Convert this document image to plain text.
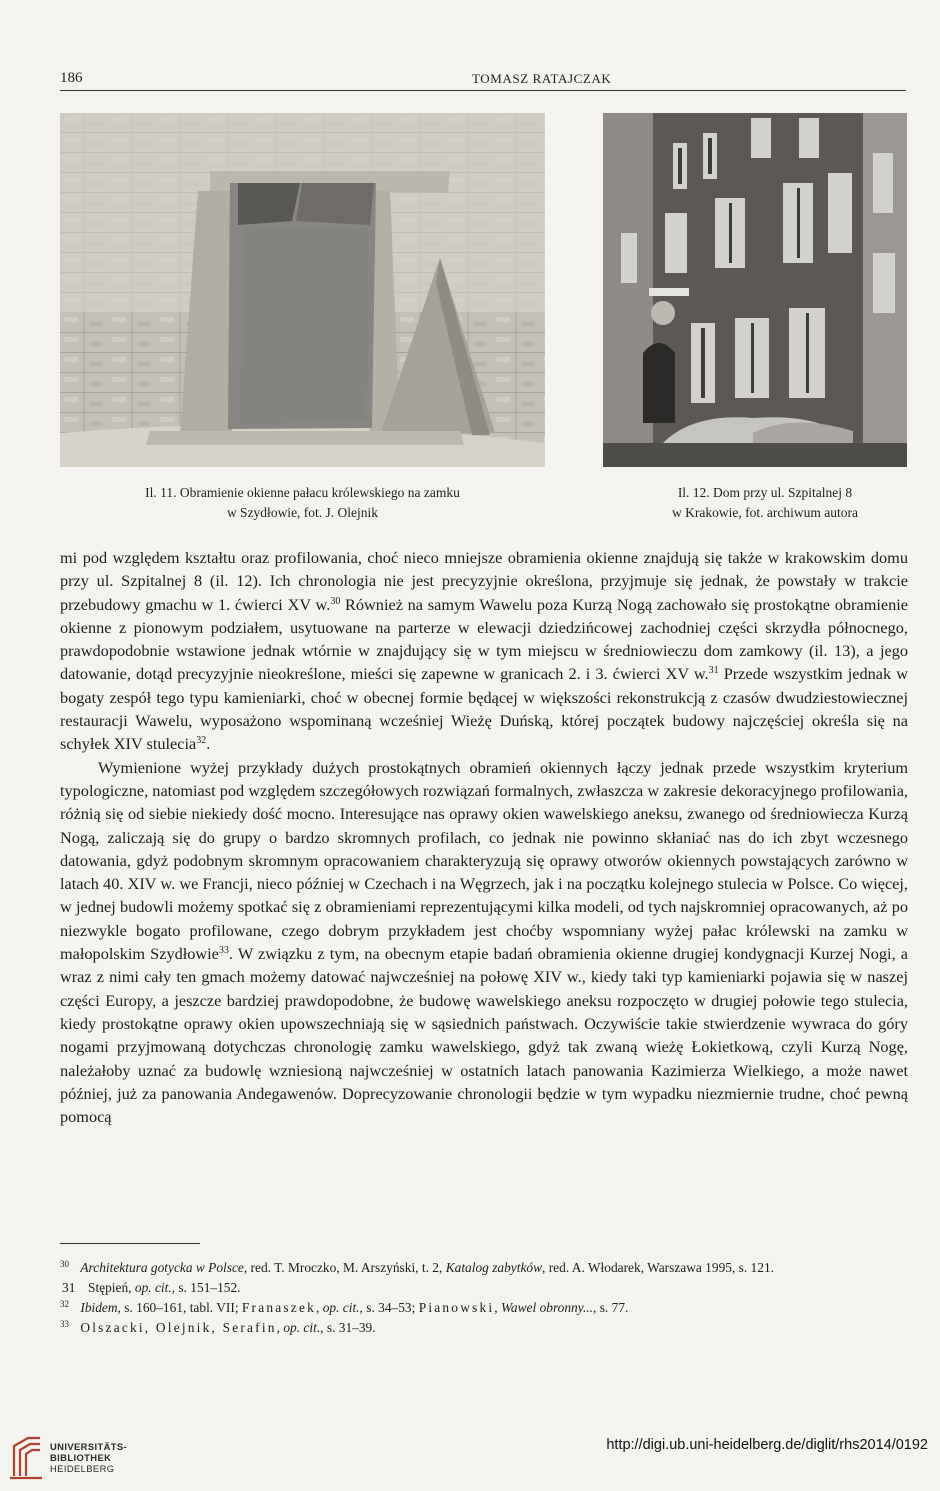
186	TOMASZ RATAJCZAK
Il. 11. Obramienie okienne pałacu królewskiego na zamku
w Szydłowie, fot. J. Olejnik
Il. 12. Dom przy ul. Szpitalnej 8
w Krakowie, fot. archiwum autora

mi pod względem kształtu oraz profilowania, choć nieco mniejsze obramienia okienne znajdują się także w krakowskim domu przy ul. Szpitalnej 8 (il. 12). Ich chronologia nie jest precyzyjnie określona, przyjmuje się jednak, że powstały w trakcie przebudowy gmachu w 1. ćwierci XV w.$^{30}$ Również na samym Wawelu poza Kurzą Nogą zachowało się prostokątne obramienie okienne z pionowym podziałem, usytuowane na parterze w elewacji dziedzińcowej zachodniej części skrzydła północnego, prawdopodobnie wstawione jednak wtórnie w znajdujący się w tym miejscu w średniowieczu dom zamkowy (il. 13), a jego datowanie, dotąd precyzyjnie nieokreślone, mieści się zapewne w granicach 2. i 3. ćwierci XV w.$^{31}$ Przede wszystkim jednak w bogaty zespół tego typu kamieniarki, choć w obecnej formie będącej w większości rekonstrukcją z czasów dwudziestowiecznej restauracji Wawelu, wyposażono wspominaną wcześniej Wieżę Duńską, której początek budowy najczęściej określa się na schyłek XIV stulecia$^{32}$.

Wymienione wyżej przykłady dużych prostokątnych obramień okiennych łączy jednak przede wszystkim kryterium typologiczne, natomiast pod względem szczegółowych rozwiązań formalnych, zwłaszcza w zakresie dekoracyjnego profilowania, różnią się od siebie niekiedy dość mocno. Interesujące nas oprawy okien wawelskiego aneksu, zwanego od średniowiecza Kurzą Nogą, zaliczają się do grupy o bardzo skromnych profilach, co jednak nie powinno skłaniać nas do ich zbyt wczesnego datowania, gdyż podobnym skromnym opracowaniem charakteryzują się oprawy otworów okiennych powstających zarówno w latach 40. XIV w. we Francji, nieco później w Czechach i na Węgrzech, jak i na początku kolejnego stulecia w Polsce. Co więcej, w jednej budowli możemy spotkać się z obramieniami reprezentującymi kilka modeli, od tych najskromniej opracowanych, aż po niezwykle bogato profilowane, czego dobrym przykładem jest choćby wspomniany wyżej pałac królewski na zamku w małopolskim Szydłowie$^{33}$. W związku z tym, na obecnym etapie badań obramienia okienne drugiej kondygnacji Kurzej Nogi, a wraz z nimi cały ten gmach możemy datować najwcześniej na połowę XIV w., kiedy taki typ kamieniarki pojawia się w naszej części Europy, a jeszcze bardziej prawdopodobne, że budowę wawelskiego aneksu rozpoczęto w drugiej połowie tego stulecia, kiedy prostokątne oprawy okien upowszechniają się w sąsiednich państwach. Oczywiście takie stwierdzenie wywraca do góry nogami przyjmowaną dotychczas chronologię zamku wawelskiego, gdyż tak zwaną wieżę Łokietkową, czyli Kurzą Nogę, należałoby uznać za budowlę wzniesioną najwcześniej w ostatnich latach panowania Kazimierza Wielkiego, a może nawet później, już za panowania Andegawenów. Doprecyzowanie chronologii będzie w tym wypadku niezmiernie trudne, choć pewną pomocą

$^{30}$ Architektura gotycka w Polsce, red. T. Mroczko, M. Arszyński, t. 2, Katalog zabytków, red. A. Włodarek, Warszawa 1995, s. 121.

31 Stępień, op. cit., s. 151–152.

$^{32}$ Ibidem, s. 160–161, tabl. VII; Franaszek, op. cit., s. 34–53; Pianowski, Wawel obronny..., s. 77.

$^{33}$ Olszacki, Olejnik, Serafin, op. cit., s. 31–39.

UNIVERSITÄTS-
BIBLIOTHEK
HEIDELBERG
http://digi.ub.uni-heidelberg.de/diglit/rhs2014/0192
